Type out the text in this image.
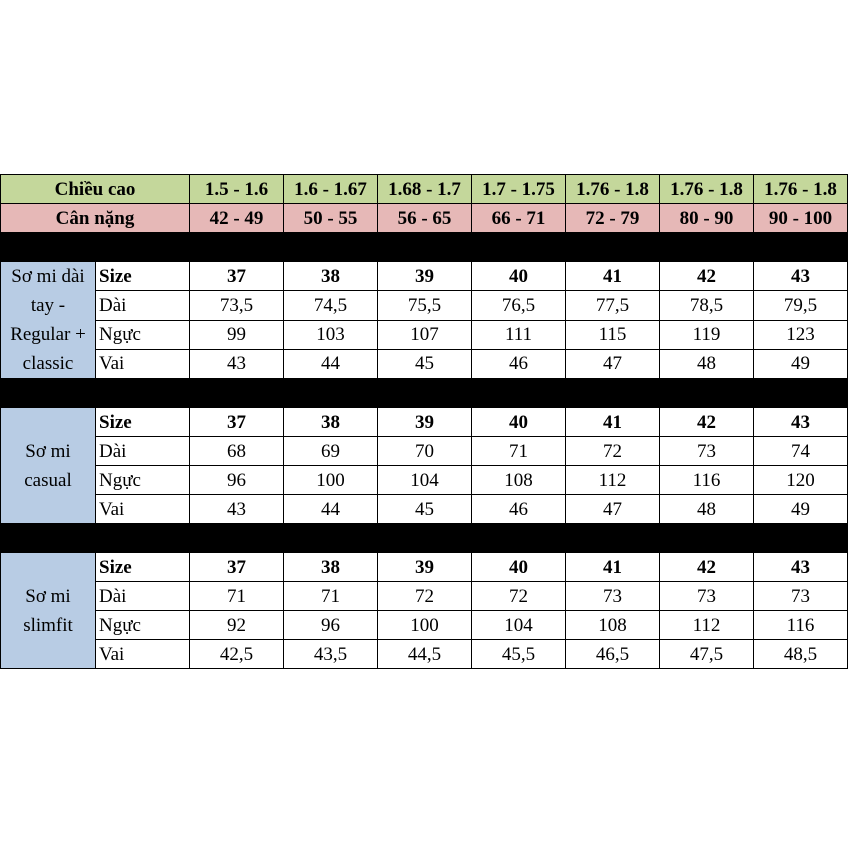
Chiều cao		1.5 - 1.6	1.6 - 1.67	1.68 - 1.7	1.7 - 1.75	1.76 - 1.8	1.76 - 1.8	1.76 - 1.8
Cân nặng		42 - 49	50 - 55	56 - 65	66 - 71	72 - 79	80 - 90	90 - 100

Sơ mi dài
tay -
Regular +
classic	Size	37	38	39	40	41	42	43
	Dài	73,5	74,5	75,5	76,5	77,5	78,5	79,5
	Ngực	99	103	107	111	115	119	123
	Vai	43	44	45	46	47	48	49

Sơ mi
casual	Size	37	38	39	40	41	42	43
	Dài	68	69	70	71	72	73	74
	Ngực	96	100	104	108	112	116	120
	Vai	43	44	45	46	47	48	49

Sơ mi
slimfit	Size	37	38	39	40	41	42	43
	Dài	71	71	72	72	73	73	73
	Ngực	92	96	100	104	108	112	116
	Vai	42,5	43,5	44,5	45,5	46,5	47,5	48,5
